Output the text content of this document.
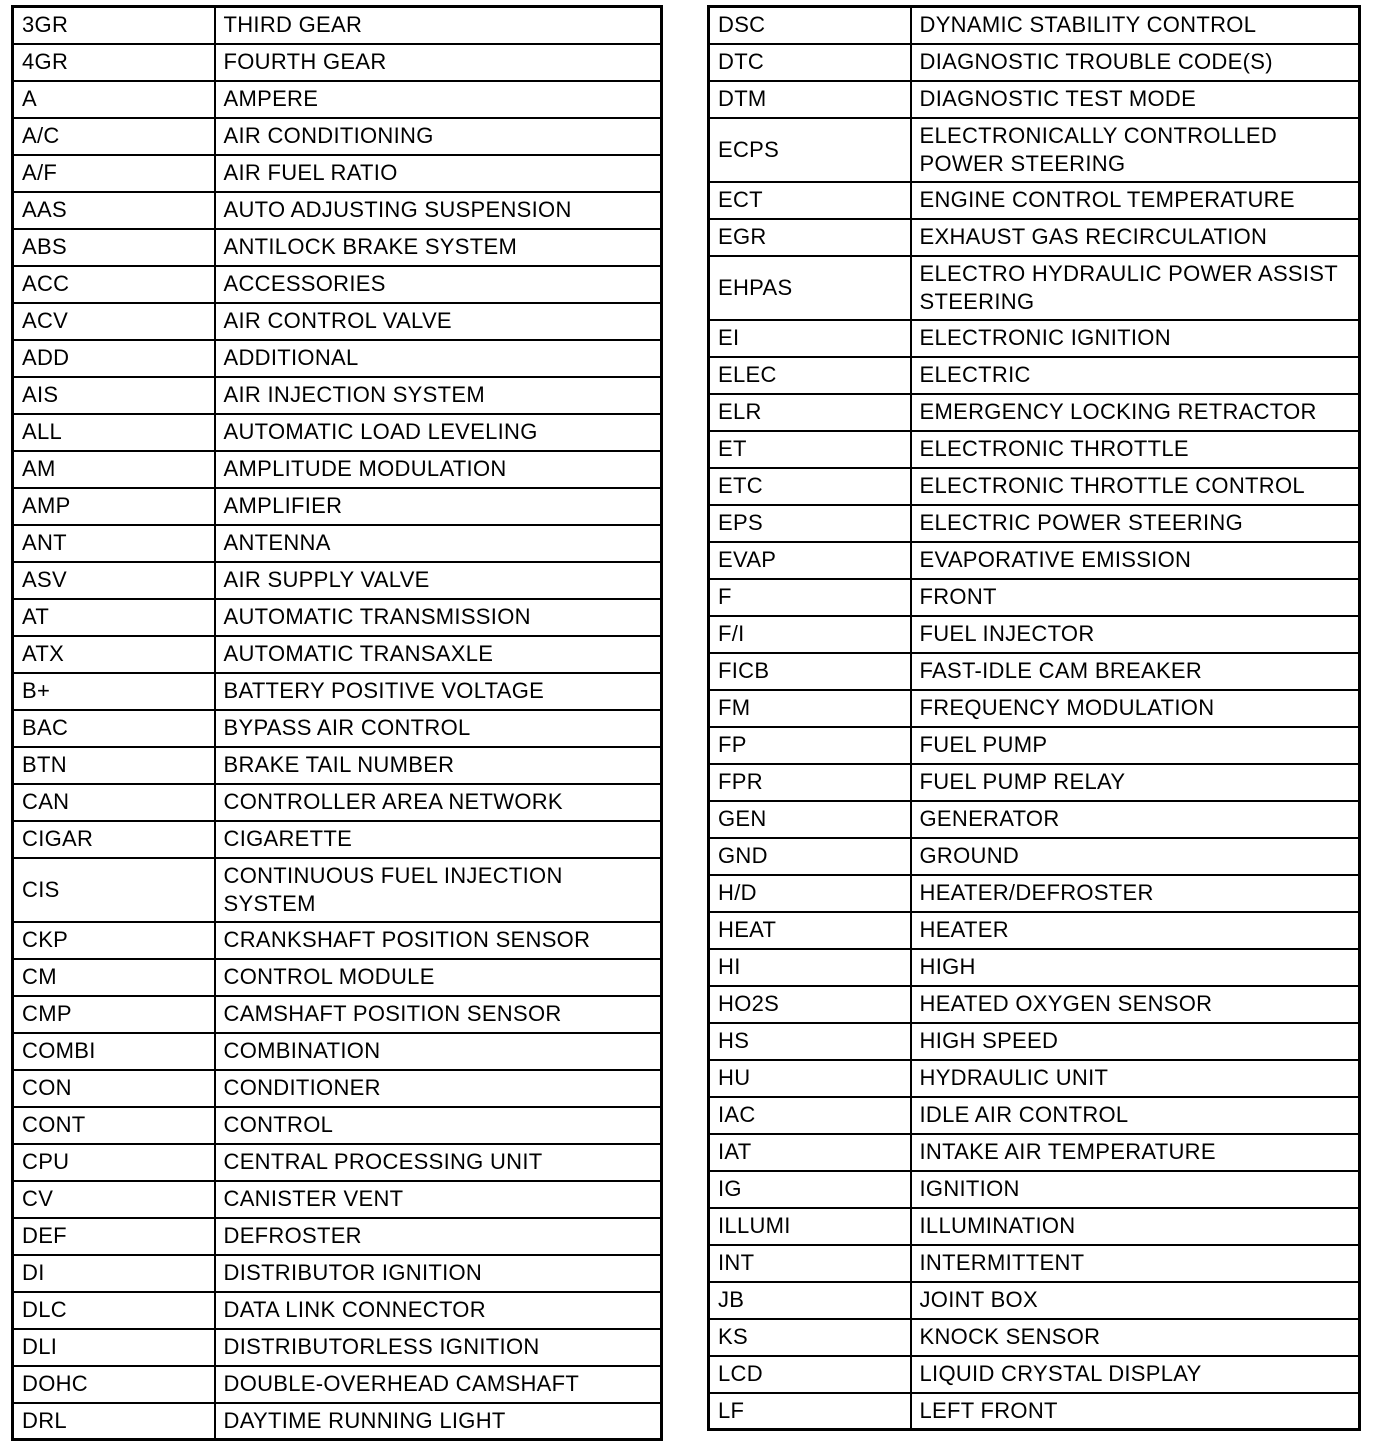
3GR	THIRD GEAR
4GR	FOURTH GEAR
A	AMPERE
A/C	AIR CONDITIONING
A/F	AIR FUEL RATIO
AAS	AUTO ADJUSTING SUSPENSION
ABS	ANTILOCK BRAKE SYSTEM
ACC	ACCESSORIES
ACV	AIR CONTROL VALVE
ADD	ADDITIONAL
AIS	AIR INJECTION SYSTEM
ALL	AUTOMATIC LOAD LEVELING
AM	AMPLITUDE MODULATION
AMP	AMPLIFIER
ANT	ANTENNA
ASV	AIR SUPPLY VALVE
AT	AUTOMATIC TRANSMISSION
ATX	AUTOMATIC TRANSAXLE
B+	BATTERY POSITIVE VOLTAGE
BAC	BYPASS AIR CONTROL
BTN	BRAKE TAIL NUMBER
CAN	CONTROLLER AREA NETWORK
CIGAR	CIGARETTE
CIS	CONTINUOUS FUEL INJECTION SYSTEM
CKP	CRANKSHAFT POSITION SENSOR
CM	CONTROL MODULE
CMP	CAMSHAFT POSITION SENSOR
COMBI	COMBINATION
CON	CONDITIONER
CONT	CONTROL
CPU	CENTRAL PROCESSING UNIT
CV	CANISTER VENT
DEF	DEFROSTER
DI	DISTRIBUTOR IGNITION
DLC	DATA LINK CONNECTOR
DLI	DISTRIBUTORLESS IGNITION
DOHC	DOUBLE-OVERHEAD CAMSHAFT
DRL	DAYTIME RUNNING LIGHT
DSC	DYNAMIC STABILITY CONTROL
DTC	DIAGNOSTIC TROUBLE CODE(S)
DTM	DIAGNOSTIC TEST MODE
ECPS	ELECTRONICALLY CONTROLLED POWER STEERING
ECT	ENGINE CONTROL TEMPERATURE
EGR	EXHAUST GAS RECIRCULATION
EHPAS	ELECTRO HYDRAULIC POWER ASSIST STEERING
EI	ELECTRONIC IGNITION
ELEC	ELECTRIC
ELR	EMERGENCY LOCKING RETRACTOR
ET	ELECTRONIC THROTTLE
ETC	ELECTRONIC THROTTLE CONTROL
EPS	ELECTRIC POWER STEERING
EVAP	EVAPORATIVE EMISSION
F	FRONT
F/I	FUEL INJECTOR
FICB	FAST-IDLE CAM BREAKER
FM	FREQUENCY MODULATION
FP	FUEL PUMP
FPR	FUEL PUMP RELAY
GEN	GENERATOR
GND	GROUND
H/D	HEATER/DEFROSTER
HEAT	HEATER
HI	HIGH
HO2S	HEATED OXYGEN SENSOR
HS	HIGH SPEED
HU	HYDRAULIC UNIT
IAC	IDLE AIR CONTROL
IAT	INTAKE AIR TEMPERATURE
IG	IGNITION
ILLUMI	ILLUMINATION
INT	INTERMITTENT
JB	JOINT BOX
KS	KNOCK SENSOR
LCD	LIQUID CRYSTAL DISPLAY
LF	LEFT FRONT
